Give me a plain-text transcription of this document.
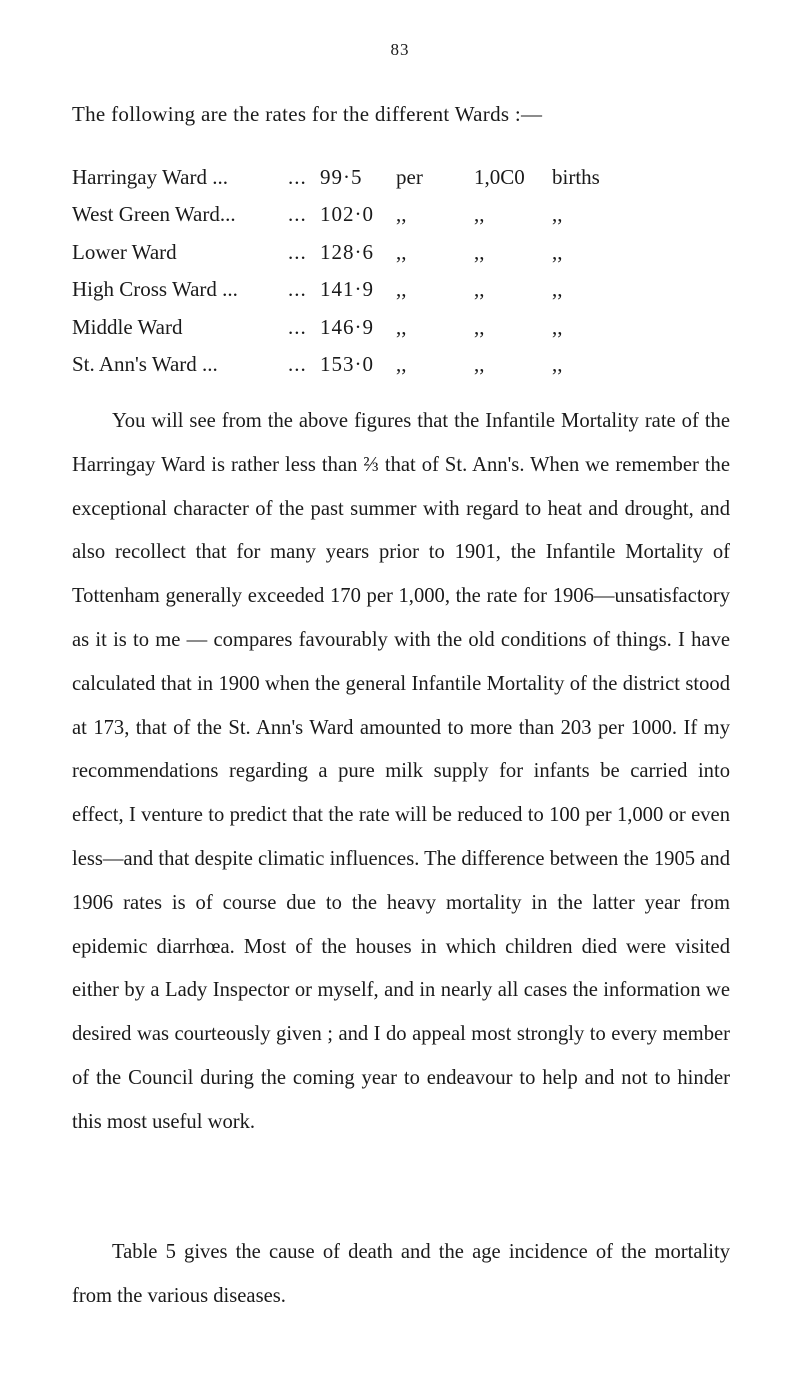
83
The following are the rates for the different Wards :—
Harringay Ward ...	... 99·5 per 1,0C0 births
West Green Ward... ... 102·0 ,,	,,	,,
Lower Ward	... 128·6 ,,	,,	,,
High Cross Ward ... ... 141·9 ,,	,,	,,
Middle Ward	... 146·9 ,,	,,	,,
St. Ann's Ward ...	... 153·0 ,,	,,	,,

You will see from the above figures that the Infantile Mortality rate of the Harringay Ward is rather less than ⅔ that of St. Ann's. When we remember the exceptional character of the past summer with regard to heat and drought, and also recollect that for many years prior to 1901, the Infantile Mortality of Tottenham generally exceeded 170 per 1,000, the rate for 1906—unsatisfactory as it is to me — compares favourably with the old conditions of things. I have calculated that in 1900 when the general Infantile Mortality of the district stood at 173, that of the St. Ann's Ward amounted to more than 203 per 1000. If my recommendations regarding a pure milk supply for infants be carried into effect, I venture to predict that the rate will be reduced to 100 per 1,000 or even less—and that despite climatic influences. The difference between the 1905 and 1906 rates is of course due to the heavy mortality in the latter year from epidemic diarrhœa. Most of the houses in which children died were visited either by a Lady Inspector or myself, and in nearly all cases the information we desired was courteously given ; and I do appeal most strongly to every member of the Council during the coming year to endeavour to help and not to hinder this most useful work.

Table 5 gives the cause of death and the age incidence of the mortality from the various diseases.
